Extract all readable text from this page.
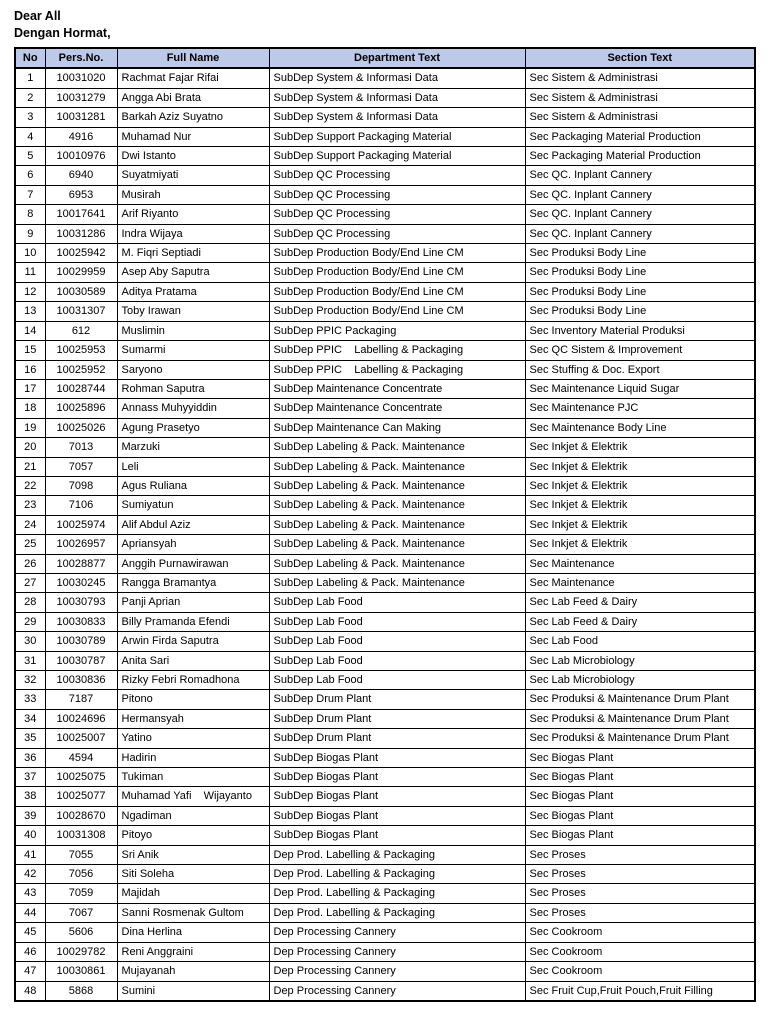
Dear All
Dengan Hormat,
No	Pers.No.	Full Name	Department Text	Section Text
1	10031020	Rachmat Fajar Rifai	SubDep System & Informasi Data	Sec Sistem & Administrasi
2	10031279	Angga Abi Brata	SubDep System & Informasi Data	Sec Sistem & Administrasi
3	10031281	Barkah Aziz Suyatno	SubDep System & Informasi Data	Sec Sistem & Administrasi
4	4916	Muhamad Nur	SubDep Support Packaging Material	Sec Packaging Material Production
5	10010976	Dwi Istanto	SubDep Support Packaging Material	Sec Packaging Material Production
6	6940	Suyatmiyati	SubDep QC Processing	Sec QC. Inplant Cannery
7	6953	Musirah	SubDep QC Processing	Sec QC. Inplant Cannery
8	10017641	Arif Riyanto	SubDep QC Processing	Sec QC. Inplant Cannery
9	10031286	Indra Wijaya	SubDep QC Processing	Sec QC. Inplant Cannery
10	10025942	M. Fiqri Septiadi	SubDep Production Body/End Line CM	Sec Produksi Body Line
11	10029959	Asep Aby Saputra	SubDep Production Body/End Line CM	Sec Produksi Body Line
12	10030589	Aditya Pratama	SubDep Production Body/End Line CM	Sec Produksi Body Line
13	10031307	Toby Irawan	SubDep Production Body/End Line CM	Sec Produksi Body Line
14	612	Muslimin	SubDep PPIC Packaging	Sec Inventory Material Produksi
15	10025953	Sumarmi	SubDep PPIC    Labelling & Packaging	Sec QC Sistem & Improvement
16	10025952	Saryono	SubDep PPIC    Labelling & Packaging	Sec Stuffing & Doc. Export
17	10028744	Rohman Saputra	SubDep Maintenance Concentrate	Sec Maintenance Liquid Sugar
18	10025896	Annass Muhyyiddin	SubDep Maintenance Concentrate	Sec Maintenance PJC
19	10025026	Agung Prasetyo	SubDep Maintenance Can Making	Sec Maintenance Body Line
20	7013	Marzuki	SubDep Labeling & Pack. Maintenance	Sec Inkjet & Elektrik
21	7057	Leli	SubDep Labeling & Pack. Maintenance	Sec Inkjet & Elektrik
22	7098	Agus Ruliana	SubDep Labeling & Pack. Maintenance	Sec Inkjet & Elektrik
23	7106	Sumiyatun	SubDep Labeling & Pack. Maintenance	Sec Inkjet & Elektrik
24	10025974	Alif Abdul Aziz	SubDep Labeling & Pack. Maintenance	Sec Inkjet & Elektrik
25	10026957	Apriansyah	SubDep Labeling & Pack. Maintenance	Sec Inkjet & Elektrik
26	10028877	Anggih Purnawirawan	SubDep Labeling & Pack. Maintenance	Sec Maintenance
27	10030245	Rangga Bramantya	SubDep Labeling & Pack. Maintenance	Sec Maintenance
28	10030793	Panji Aprian	SubDep Lab Food	Sec Lab Feed & Dairy
29	10030833	Billy Pramanda Efendi	SubDep Lab Food	Sec Lab Feed & Dairy
30	10030789	Arwin Firda Saputra	SubDep Lab Food	Sec Lab Food
31	10030787	Anita Sari	SubDep Lab Food	Sec Lab Microbiology
32	10030836	Rizky Febri Romadhona	SubDep Lab Food	Sec Lab Microbiology
33	7187	Pitono	SubDep Drum Plant	Sec Produksi & Maintenance Drum Plant
34	10024696	Hermansyah	SubDep Drum Plant	Sec Produksi & Maintenance Drum Plant
35	10025007	Yatino	SubDep Drum Plant	Sec Produksi & Maintenance Drum Plant
36	4594	Hadirin	SubDep Biogas Plant	Sec Biogas Plant
37	10025075	Tukiman	SubDep Biogas Plant	Sec Biogas Plant
38	10025077	Muhamad Yafi    Wijayanto	SubDep Biogas Plant	Sec Biogas Plant
39	10028670	Ngadiman	SubDep Biogas Plant	Sec Biogas Plant
40	10031308	Pitoyo	SubDep Biogas Plant	Sec Biogas Plant
41	7055	Sri Anik	Dep Prod. Labelling & Packaging	Sec Proses
42	7056	Siti Soleha	Dep Prod. Labelling & Packaging	Sec Proses
43	7059	Majidah	Dep Prod. Labelling & Packaging	Sec Proses
44	7067	Sanni Rosmenak Gultom	Dep Prod. Labelling & Packaging	Sec Proses
45	5606	Dina Herlina	Dep Processing Cannery	Sec Cookroom
46	10029782	Reni Anggraini	Dep Processing Cannery	Sec Cookroom
47	10030861	Mujayanah	Dep Processing Cannery	Sec Cookroom
48	5868	Sumini	Dep Processing Cannery	Sec Fruit Cup,Fruit Pouch,Fruit Filling
